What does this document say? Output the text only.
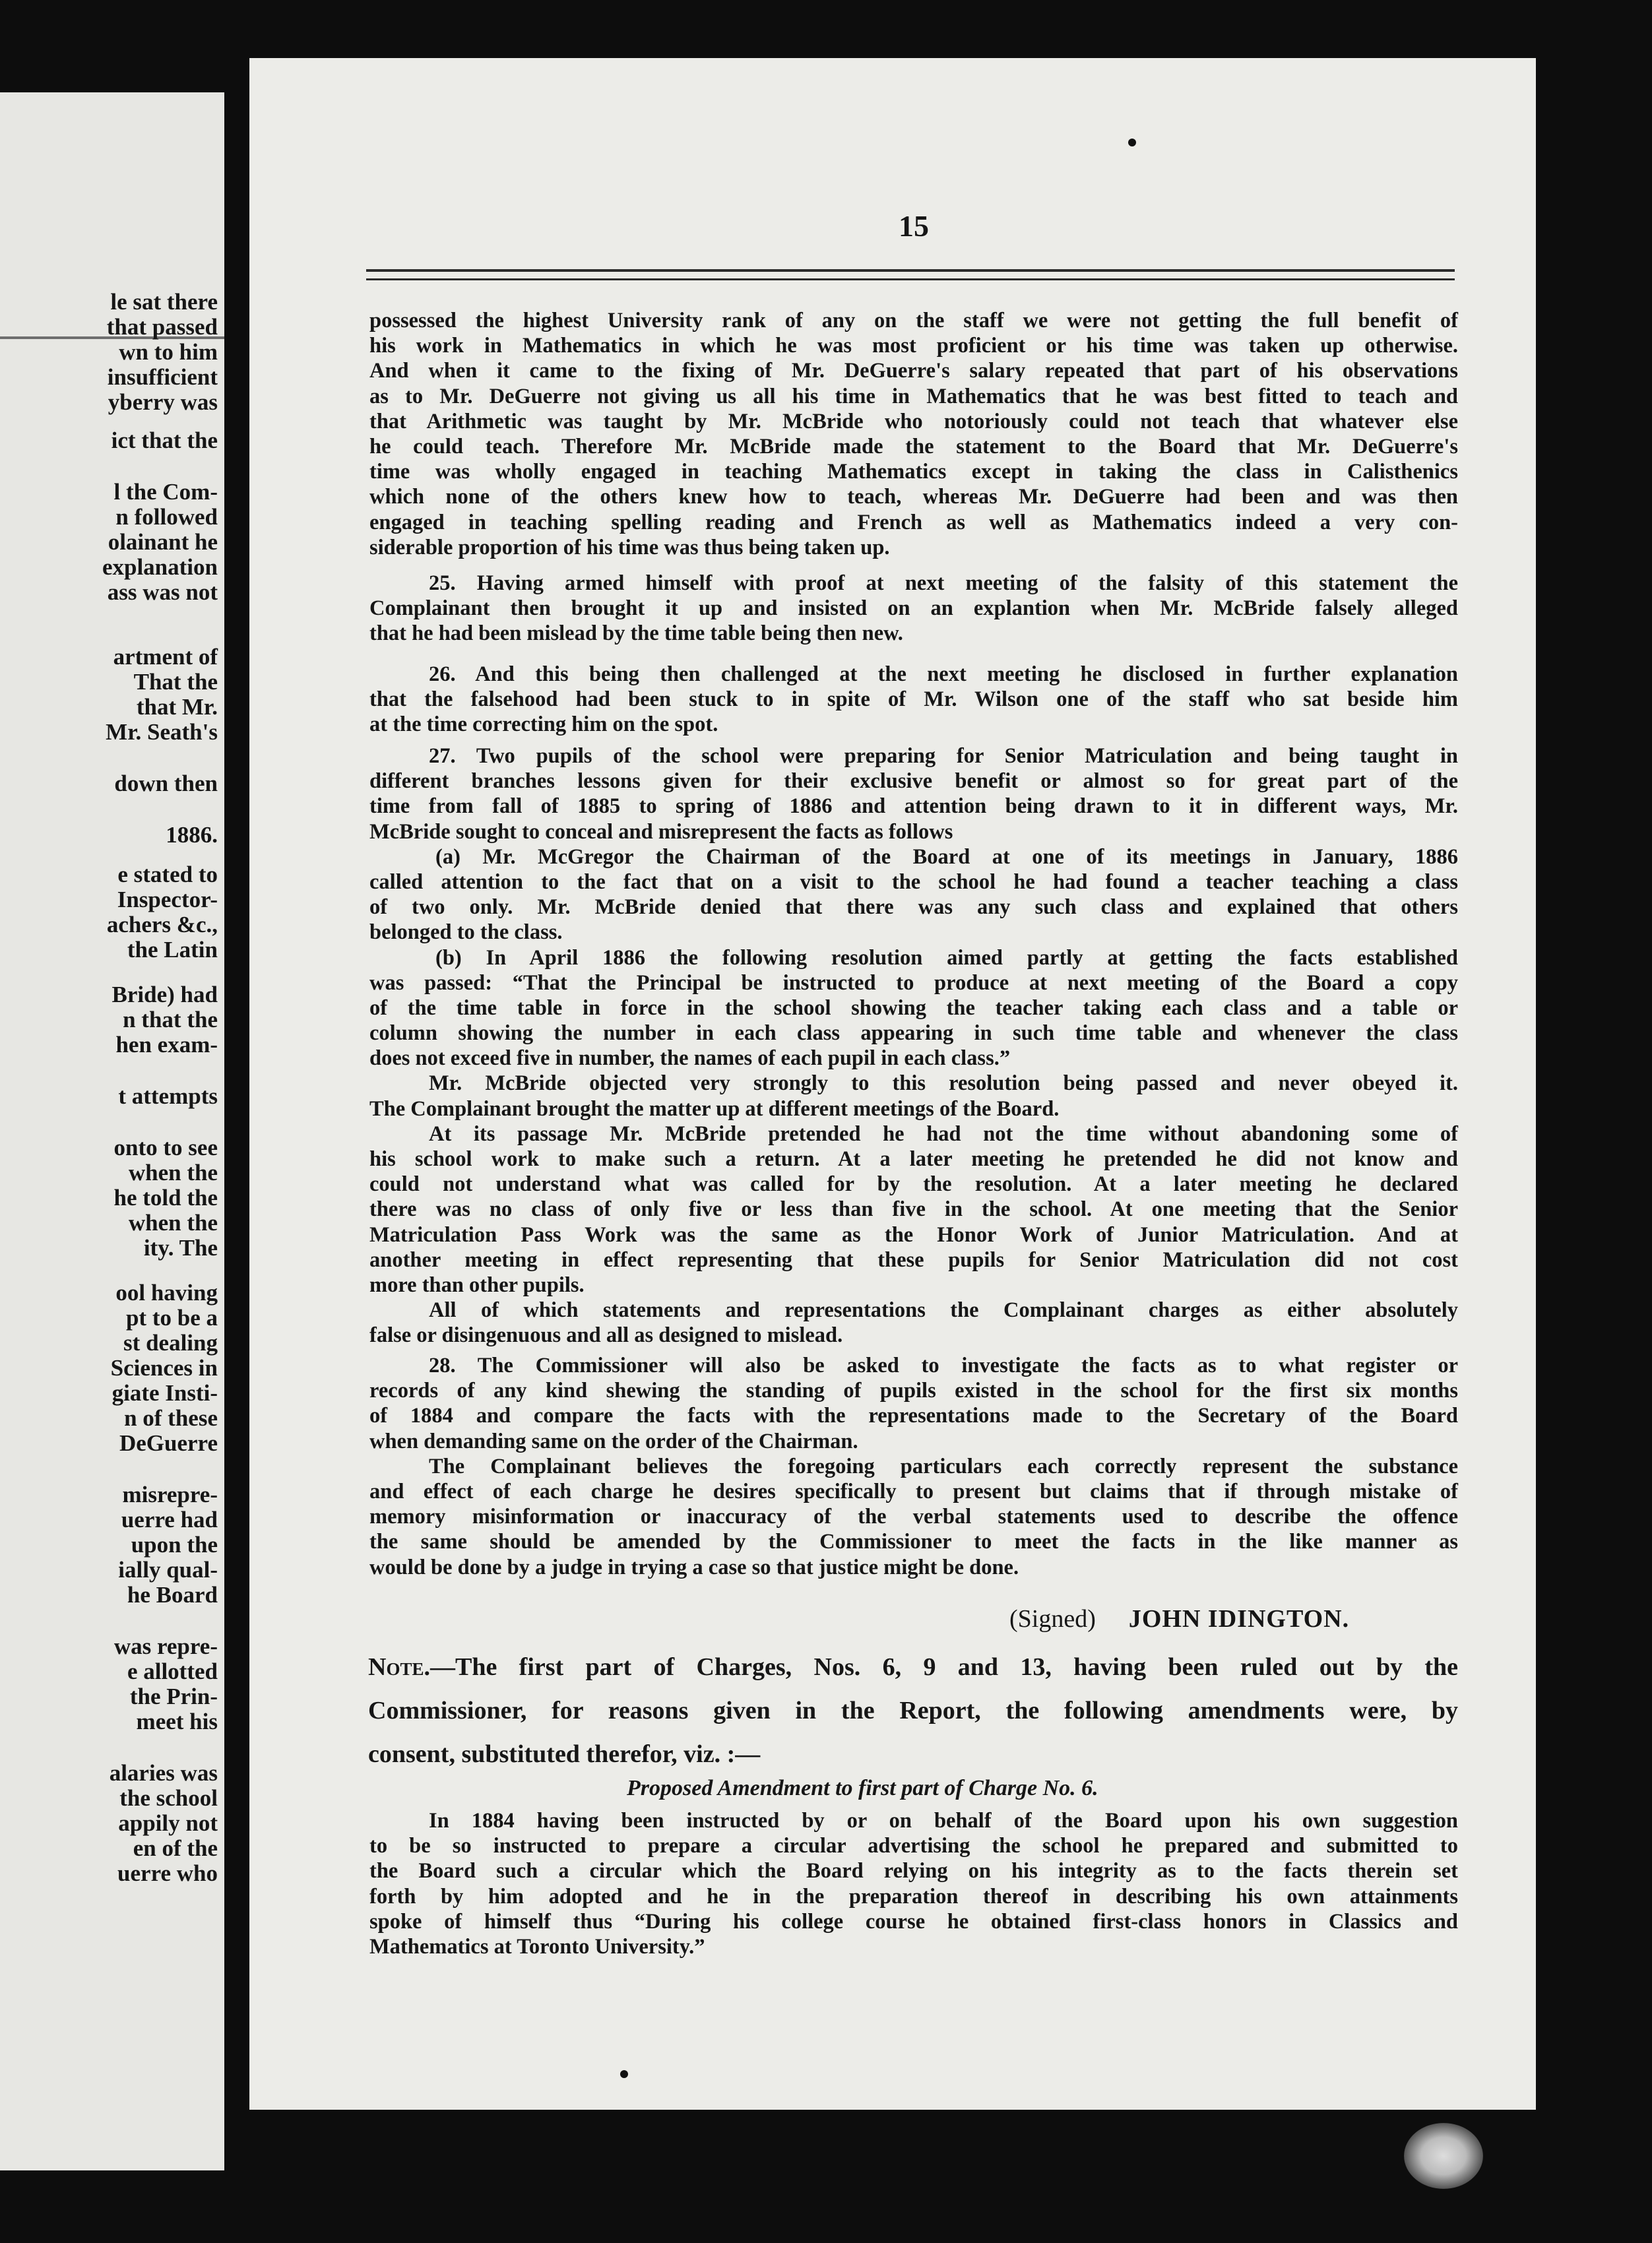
le sat there
that passed
wn to him
insufficient
yberry was
ict that the
l the Com-
n followed
olainant he
explanation
ass was not
artment of
That the
that Mr.
Mr. Seath's
down then
1886.
e stated to
Inspector-
achers &c.,
the Latin
Bride) had
n that the
hen exam-
t attempts
onto to see
when the
he told the
when the
ity. The
ool having
pt to be a
st dealing
Sciences in
giate Insti-
n of these
DeGuerre
misrepre-
uerre had
upon the
ially qual-
he Board
was repre-
e allotted
the Prin-
meet his
alaries was
the school
appily not
en of the
uerre who
15
possessed the highest University rank of any on the staff we were not getting the full benefit of
his work in Mathematics in which he was most proficient or his time was taken up otherwise.
And when it came to the fixing of Mr. DeGuerre's salary repeated that part of his observations
as to Mr. DeGuerre not giving us all his time in Mathematics that he was best fitted to teach and
that Arithmetic was taught by Mr. McBride who notoriously could not teach that whatever else
he could teach. Therefore Mr. McBride made the statement to the Board that Mr. DeGuerre's
time was wholly engaged in teaching Mathematics except in taking the class in Calisthenics
which none of the others knew how to teach, whereas Mr. DeGuerre had been and was then
engaged in teaching spelling reading and French as well as Mathematics indeed a very con-
siderable proportion of his time was thus being taken up.
25. Having armed himself with proof at next meeting of the falsity of this statement the
Complainant then brought it up and insisted on an explantion when Mr. McBride falsely alleged
that he had been mislead by the time table being then new.
26. And this being then challenged at the next meeting he disclosed in further explanation
that the falsehood had been stuck to in spite of Mr. Wilson one of the staff who sat beside him
at the time correcting him on the spot.
27. Two pupils of the school were preparing for Senior Matriculation and being taught in
different branches lessons given for their exclusive benefit or almost so for great part of the
time from fall of 1885 to spring of 1886 and attention being drawn to it in different ways, Mr.
McBride sought to conceal and misrepresent the facts as follows
(a) Mr. McGregor the Chairman of the Board at one of its meetings in January, 1886
called attention to the fact that on a visit to the school he had found a teacher teaching a class
of two only. Mr. McBride denied that there was any such class and explained that others
belonged to the class.
(b) In April 1886 the following resolution aimed partly at getting the facts established
was passed: “That the Principal be instructed to produce at next meeting of the Board a copy
of the time table in force in the school showing the teacher taking each class and a table or
column showing the number in each class appearing in such time table and whenever the class
does not exceed five in number, the names of each pupil in each class.”
Mr. McBride objected very strongly to this resolution being passed and never obeyed it.
The Complainant brought the matter up at different meetings of the Board.
At its passage Mr. McBride pretended he had not the time without abandoning some of
his school work to make such a return. At a later meeting he pretended he did not know and
could not understand what was called for by the resolution. At a later meeting he declared
there was no class of only five or less than five in the school. At one meeting that the Senior
Matriculation Pass Work was the same as the Honor Work of Junior Matriculation. And at
another meeting in effect representing that these pupils for Senior Matriculation did not cost
more than other pupils.
All of which statements and representations the Complainant charges as either absolutely
false or disingenuous and all as designed to mislead.
28. The Commissioner will also be asked to investigate the facts as to what register or
records of any kind shewing the standing of pupils existed in the school for the first six months
of 1884 and compare the facts with the representations made to the Secretary of the Board
when demanding same on the order of the Chairman.
The Complainant believes the foregoing particulars each correctly represent the substance
and effect of each charge he desires specifically to present but claims that if through mistake of
memory misinformation or inaccuracy of the verbal statements used to describe the offence
the same should be amended by the Commissioner to meet the facts in the like manner as
would be done by a judge in trying a case so that justice might be done.
(Signed) JOHN IDINGTON.
Note.—The first part of Charges, Nos. 6, 9 and 13, having been ruled out by the
Commissioner, for reasons given in the Report, the following amendments were, by
consent, substituted therefor, viz. :—
Proposed Amendment to first part of Charge No. 6.
In 1884 having been instructed by or on behalf of the Board upon his own suggestion
to be so instructed to prepare a circular advertising the school he prepared and submitted to
the Board such a circular which the Board relying on his integrity as to the facts therein set
forth by him adopted and he in the preparation thereof in describing his own attainments
spoke of himself thus “During his college course he obtained first-class honors in Classics and
Mathematics at Toronto University.”
